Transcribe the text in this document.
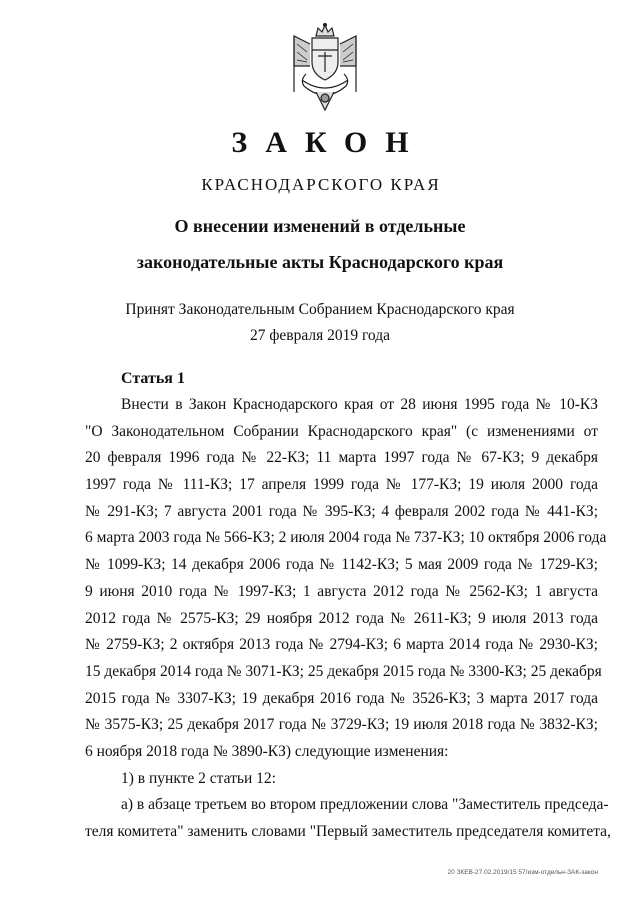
ЗАКОН
КРАСНОДАРСКОГО КРАЯ
О внесении изменений в отдельные
законодательные акты Краснодарского края
Принят Законодательным Собранием Краснодарского края
27 февраля 2019 года
Статья 1
Внести в Закон Краснодарского края от 28 июня 1995 года № 10-КЗ
"О Законодательном Собрании Краснодарского края" (с изменениями от
20 февраля 1996 года № 22-КЗ; 11 марта 1997 года № 67-КЗ; 9 декабря
1997 года № 111-КЗ; 17 апреля 1999 года № 177-КЗ; 19 июля 2000 года
№ 291-КЗ; 7 августа 2001 года № 395-КЗ; 4 февраля 2002 года № 441-КЗ;
6 марта 2003 года № 566-КЗ; 2 июля 2004 года № 737-КЗ; 10 октября 2006 года
№ 1099-КЗ; 14 декабря 2006 года № 1142-КЗ; 5 мая 2009 года № 1729-КЗ;
9 июня 2010 года № 1997-КЗ; 1 августа 2012 года № 2562-КЗ; 1 августа
2012 года № 2575-КЗ; 29 ноября 2012 года № 2611-КЗ; 9 июля 2013 года
№ 2759-КЗ; 2 октября 2013 года № 2794-КЗ; 6 марта 2014 года № 2930-КЗ;
15 декабря 2014 года № 3071-КЗ; 25 декабря 2015 года № 3300-КЗ; 25 декабря
2015 года № 3307-КЗ; 19 декабря 2016 года № 3526-КЗ; 3 марта 2017 года
№ 3575-КЗ; 25 декабря 2017 года № 3729-КЗ; 19 июля 2018 года № 3832-КЗ;
6 ноября 2018 года № 3890-КЗ) следующие изменения:
1) в пункте 2 статьи 12:
а) в абзаце третьем во втором предложении слова "Заместитель председа-
теля комитета" заменить словами "Первый заместитель председателя комитета,
20 ЗКЕВ-27.02.2019/15 57/изм-отдельн-ЗАК-закон
